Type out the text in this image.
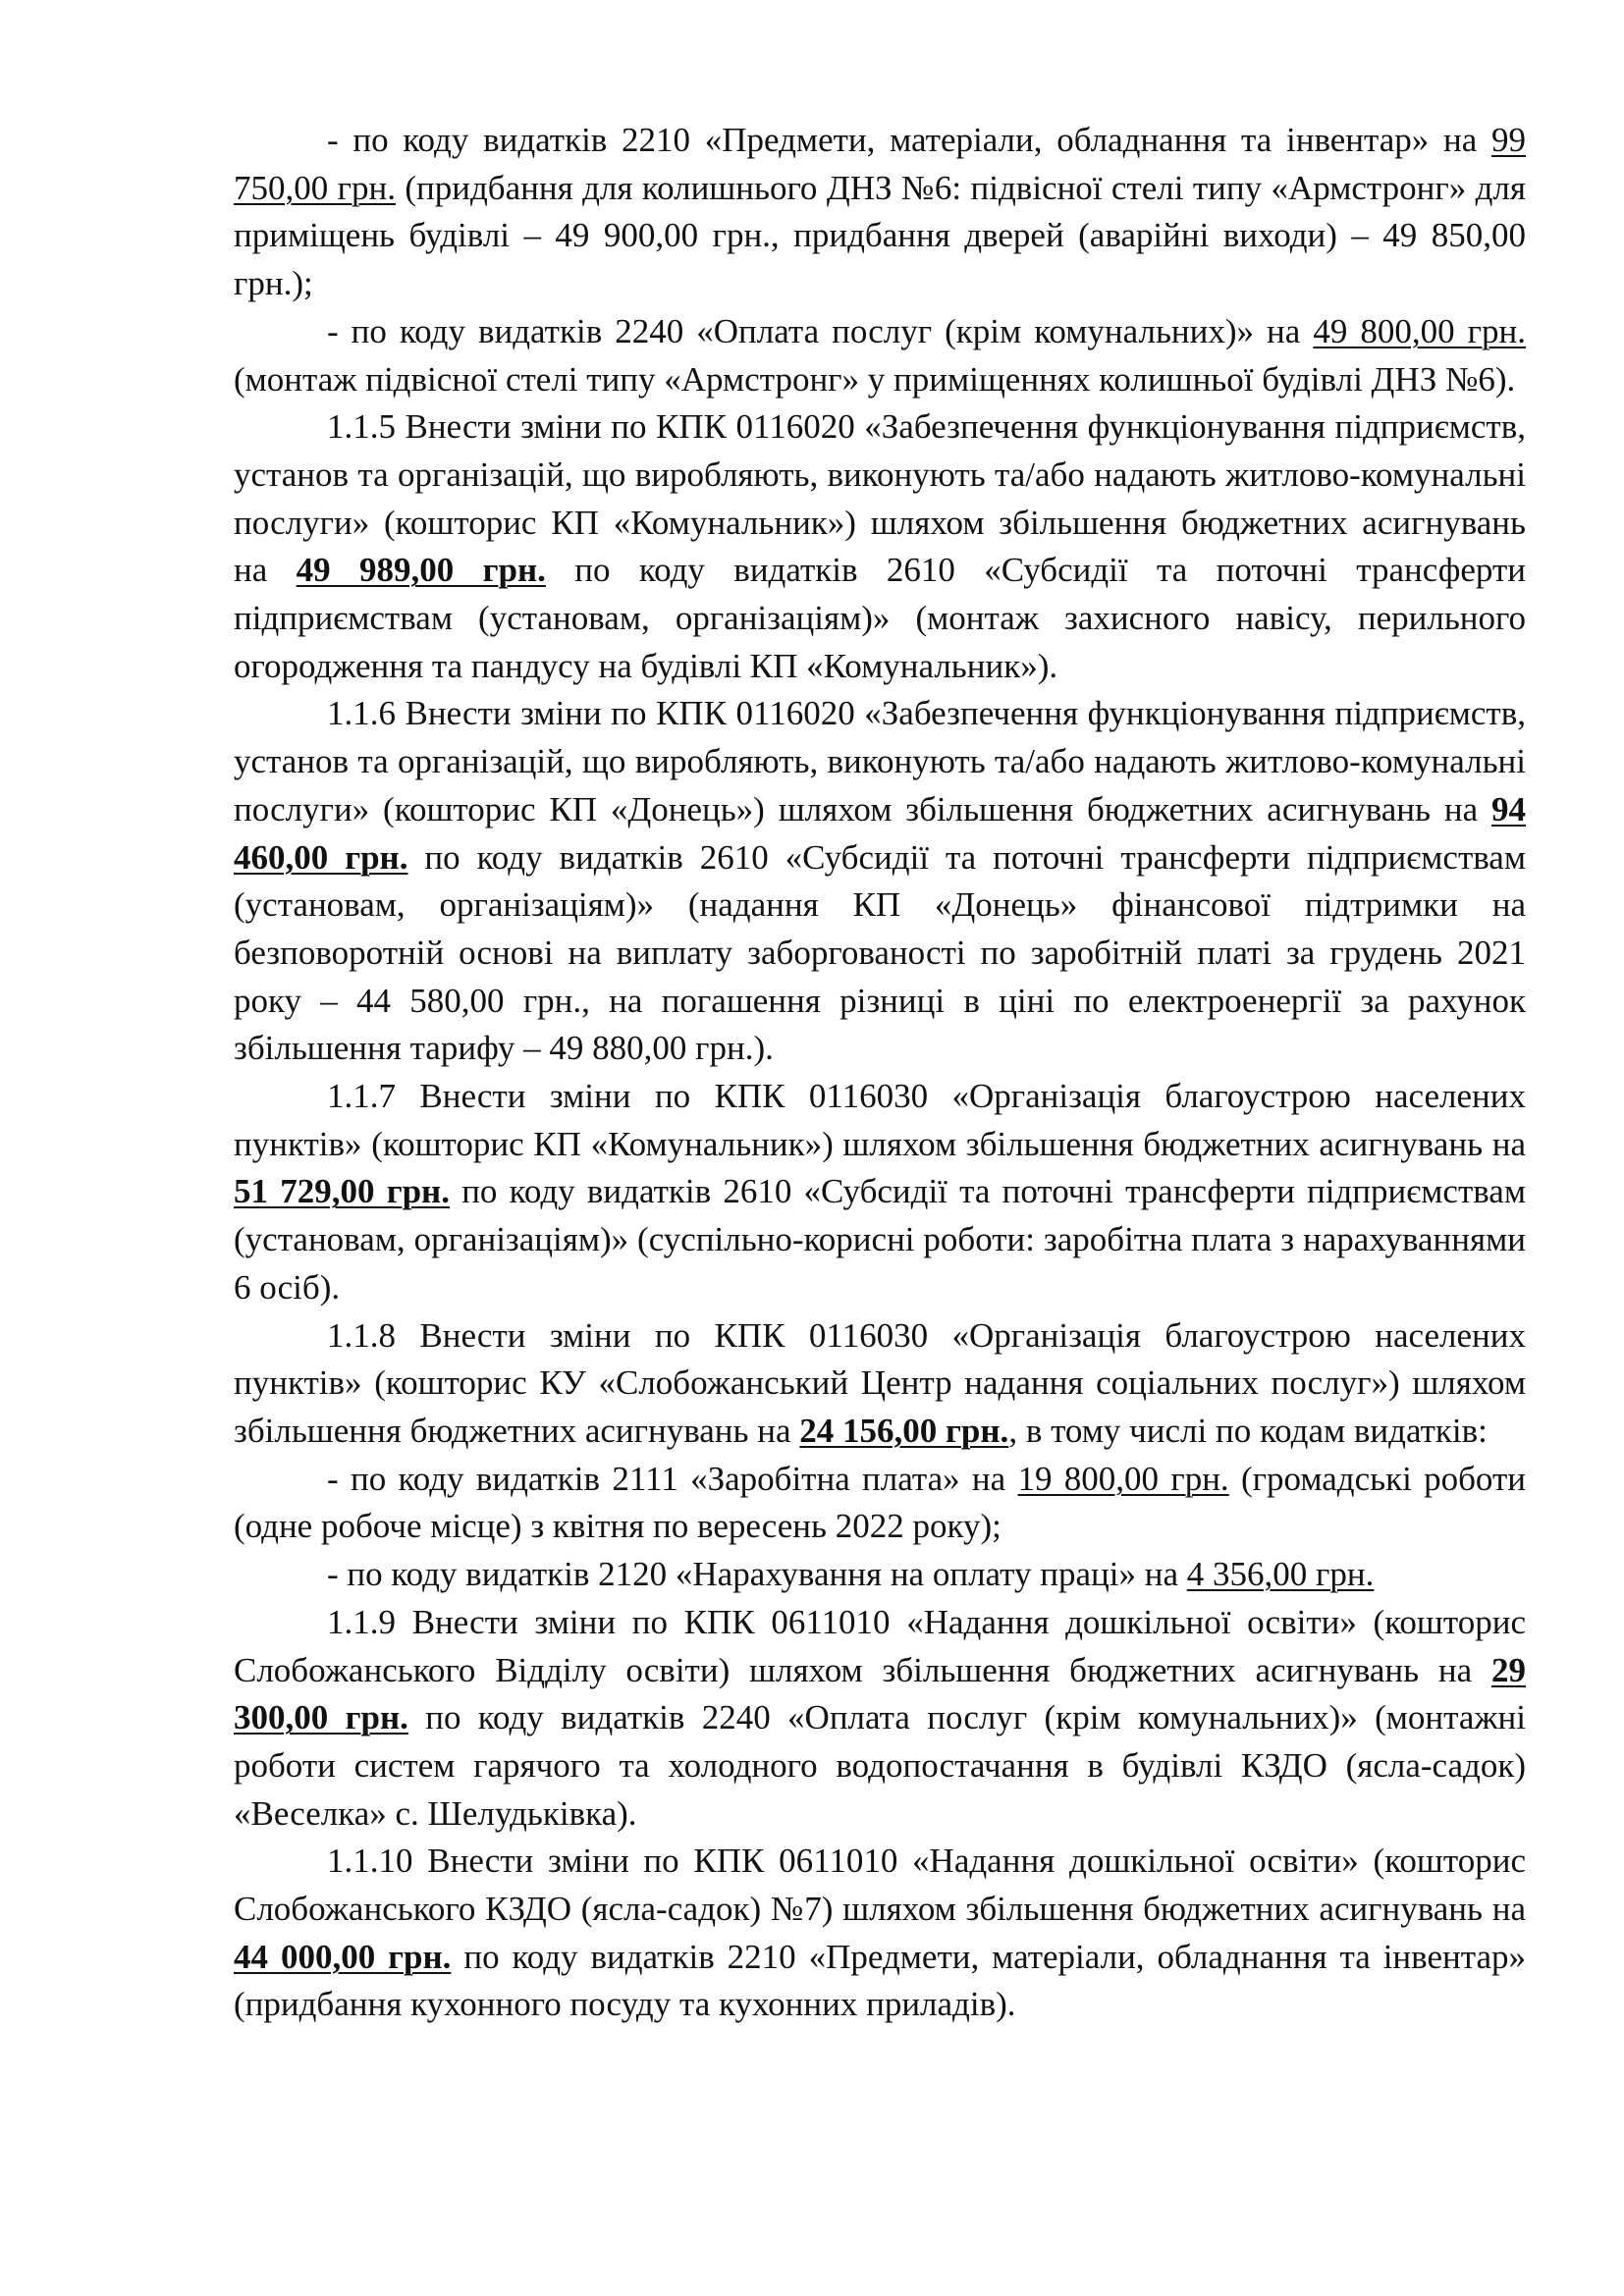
- по коду видатків 2210 «Предмети, матеріали, обладнання та інвентар» на 99 750,00 грн. (придбання для колишнього ДНЗ №6: підвісної стелі типу «Армстронг» для приміщень будівлі – 49 900,00 грн., придбання дверей (аварійні виходи) – 49 850,00 грн.);

- по коду видатків 2240 «Оплата послуг (крім комунальних)» на 49 800,00 грн. (монтаж підвісної стелі типу «Армстронг» у приміщеннях колишньої будівлі ДНЗ №6).

1.1.5 Внести зміни по КПК 0116020 «Забезпечення функціонування підприємств, установ та організацій, що виробляють, виконують та/або надають житлово-комунальні послуги» (кошторис КП «Комунальник») шляхом збільшення бюджетних асигнувань на 49 989,00 грн. по коду видатків 2610 «Субсидії та поточні трансферти підприємствам (установам, організаціям)» (монтаж захисного навісу, перильного огородження та пандусу на будівлі КП «Комунальник»).

1.1.6 Внести зміни по КПК 0116020 «Забезпечення функціонування підприємств, установ та організацій, що виробляють, виконують та/або надають житлово-комунальні послуги» (кошторис КП «Донець») шляхом збільшення бюджетних асигнувань на 94 460,00 грн. по коду видатків 2610 «Субсидії та поточні трансферти підприємствам (установам, організаціям)» (надання КП «Донець» фінансової підтримки на безповоротній основі на виплату заборгованості по заробітній платі за грудень 2021 року – 44 580,00 грн., на погашення різниці в ціні по електроенергії за рахунок збільшення тарифу – 49 880,00 грн.).

1.1.7 Внести зміни по КПК 0116030 «Організація благоустрою населених пунктів» (кошторис КП «Комунальник») шляхом збільшення бюджетних асигнувань на 51 729,00 грн. по коду видатків 2610 «Субсидії та поточні трансферти підприємствам (установам, організаціям)» (суспільно-корисні роботи: заробітна плата з нарахуваннями 6 осіб).

1.1.8 Внести зміни по КПК 0116030 «Організація благоустрою населених пунктів» (кошторис КУ «Слобожанський Центр надання соціальних послуг») шляхом збільшення бюджетних асигнувань на 24 156,00 грн., в тому числі по кодам видатків:

- по коду видатків 2111 «Заробітна плата» на 19 800,00 грн. (громадські роботи (одне робоче місце) з квітня по вересень 2022 року);

- по коду видатків 2120 «Нарахування на оплату праці» на 4 356,00 грн.

1.1.9 Внести зміни по КПК 0611010 «Надання дошкільної освіти» (кошторис Слобожанського Відділу освіти) шляхом збільшення бюджетних асигнувань на 29 300,00 грн. по коду видатків 2240 «Оплата послуг (крім комунальних)» (монтажні роботи систем гарячого та холодного водопостачання в будівлі КЗДО (ясла-садок) «Веселка» с. Шелудьківка).

1.1.10 Внести зміни по КПК 0611010 «Надання дошкільної освіти» (кошторис Слобожанського КЗДО (ясла-садок) №7) шляхом збільшення бюджетних асигнувань на 44 000,00 грн. по коду видатків 2210 «Предмети, матеріали, обладнання та інвентар» (придбання кухонного посуду та кухонних приладів).
